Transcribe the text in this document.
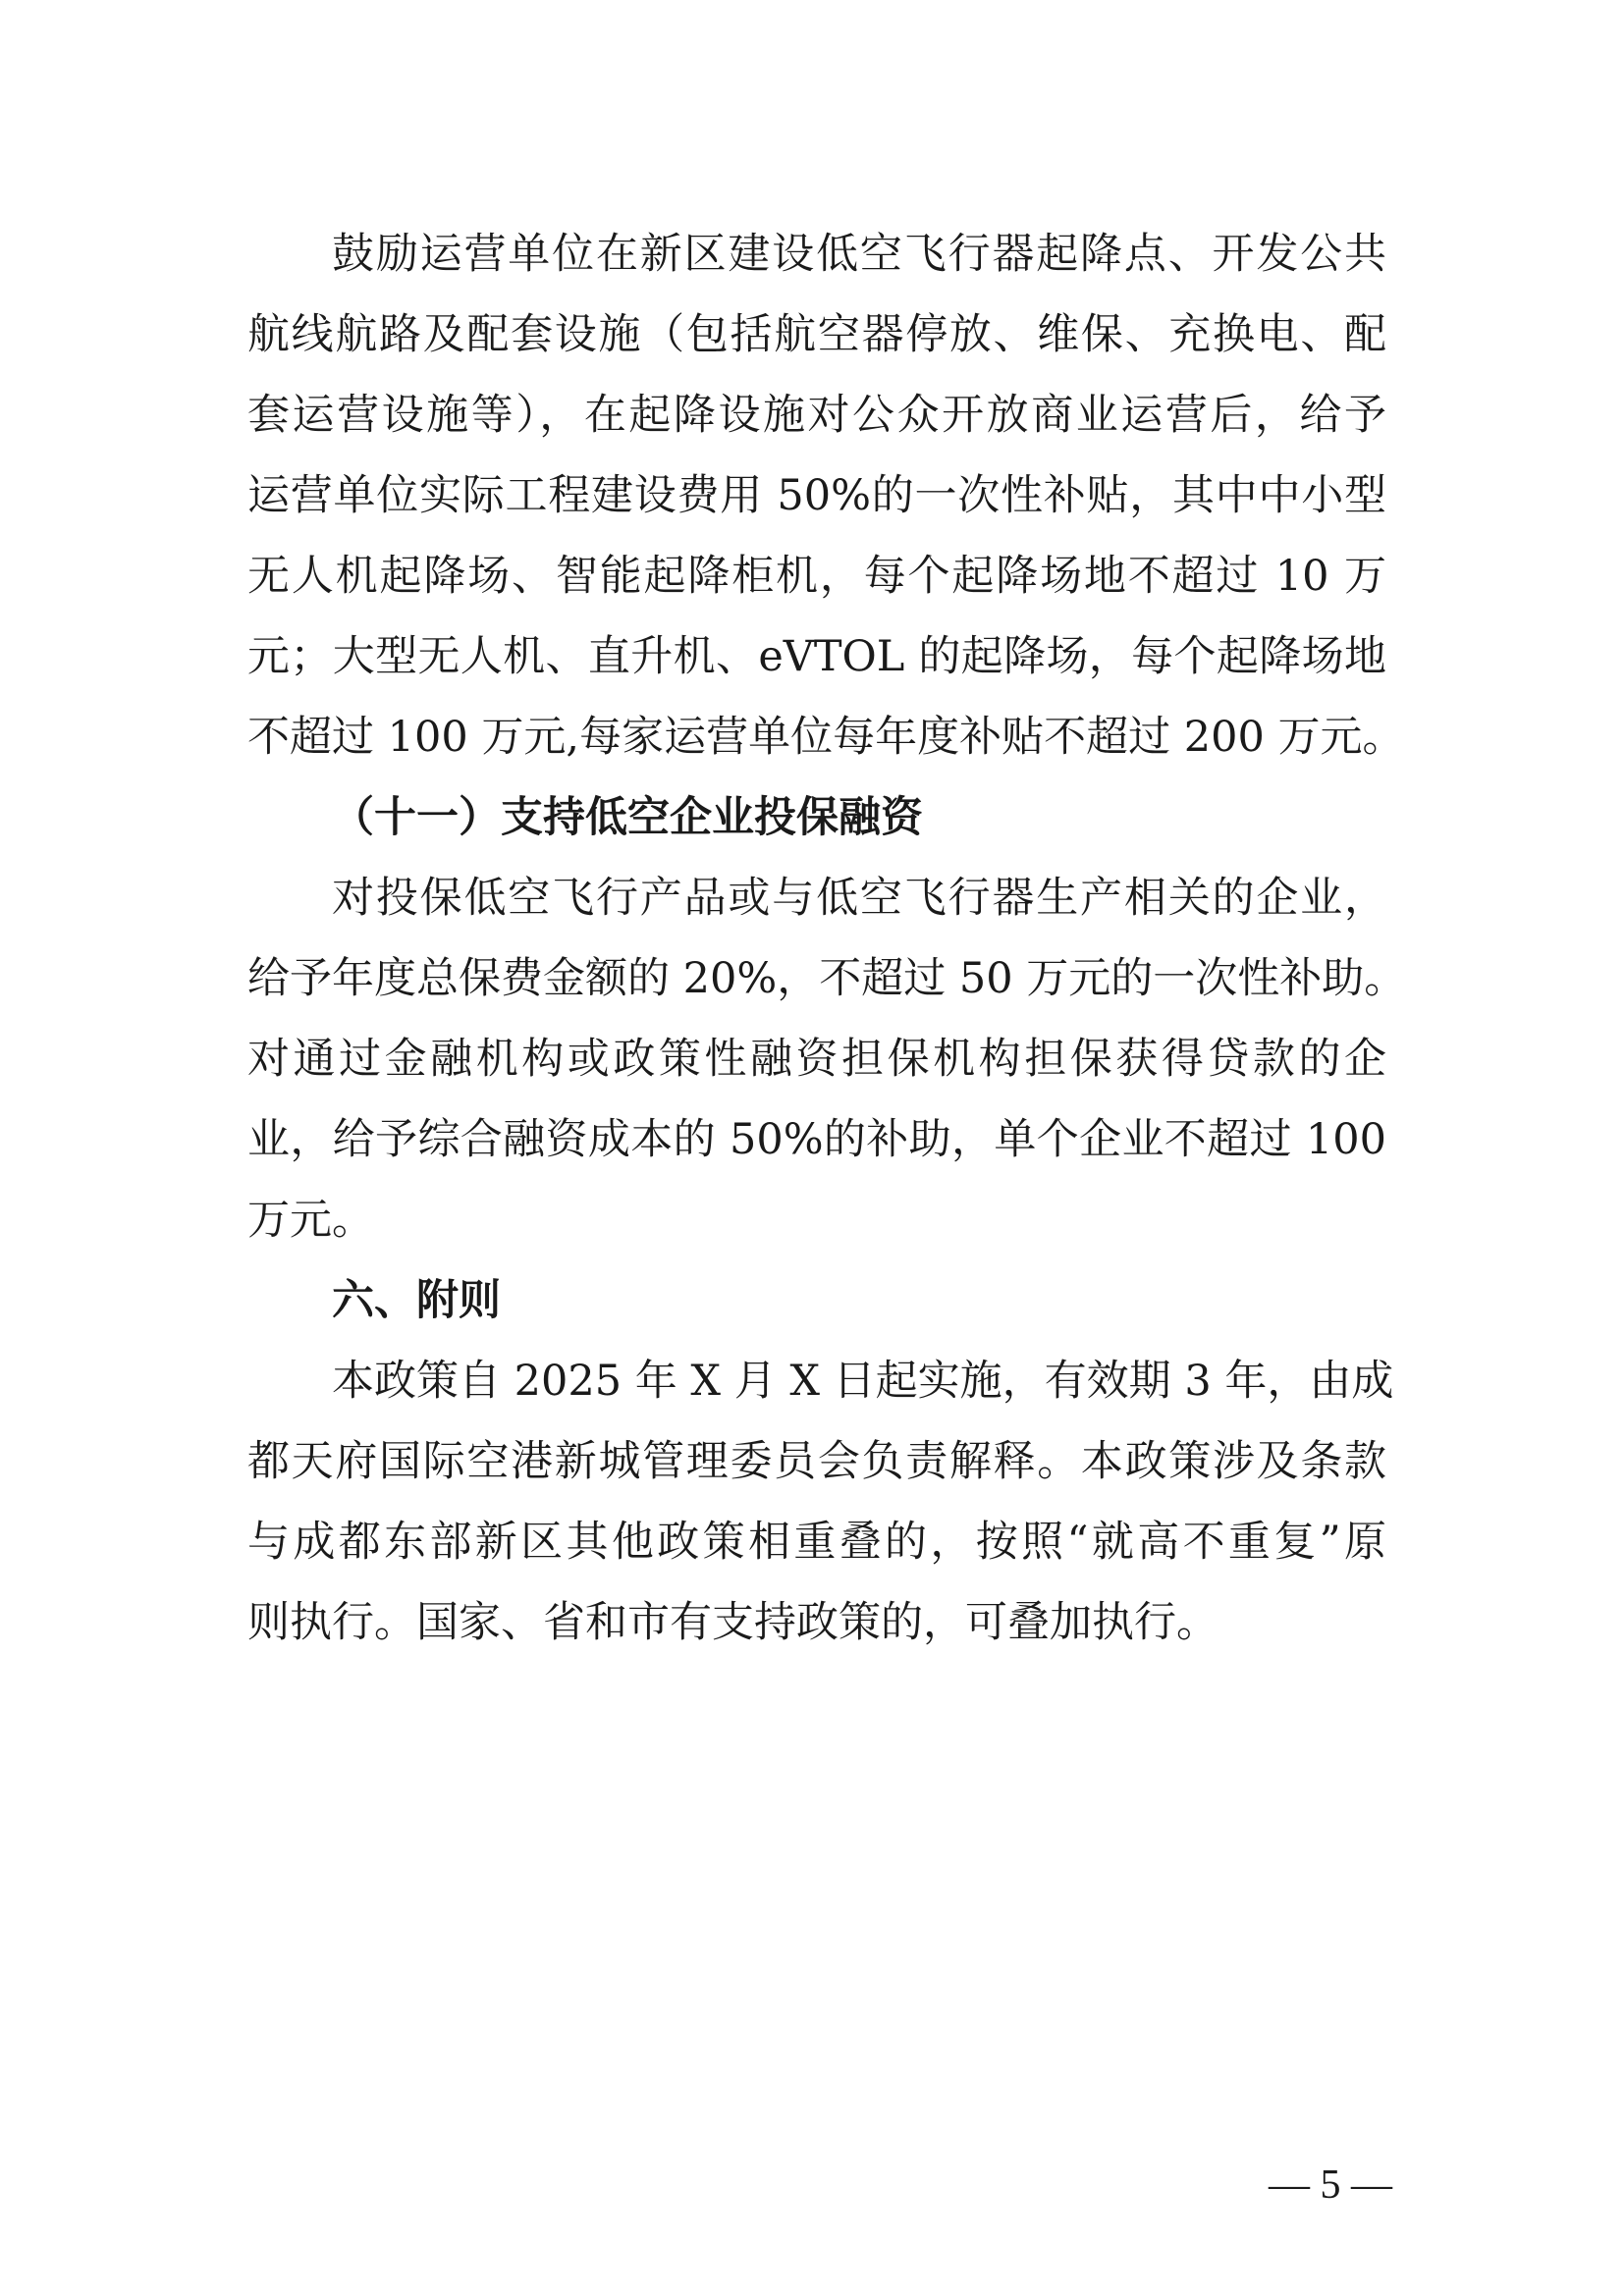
鼓励运营单位在新区建设低空飞行器起降点、开发公共
航线航路及配套设施（包括航空器停放、维保、充换电、配
套运营设施等），在起降设施对公众开放商业运营后，给予
运营单位实际工程建设费用 50%的一次性补贴，其中中小型
无人机起降场、智能起降柜机，每个起降场地不超过 10 万
元；大型无人机、直升机、eVTOL 的起降场，每个起降场地
不超过 100 万元,每家运营单位每年度补贴不超过 200 万元。
（十一）支持低空企业投保融资
对投保低空飞行产品或与低空飞行器生产相关的企业，
给予年度总保费金额的 20%，不超过 50 万元的一次性补助。
对通过金融机构或政策性融资担保机构担保获得贷款的企
业，给予综合融资成本的 50%的补助，单个企业不超过 100
万元。
六、附则
本政策自 2025 年 X 月 X 日起实施，有效期 3 年，由成
都天府国际空港新城管理委员会负责解释。本政策涉及条款
与成都东部新区其他政策相重叠的，按照“就高不重复”原
则执行。国家、省和市有支持政策的，可叠加执行。
— 5 —
